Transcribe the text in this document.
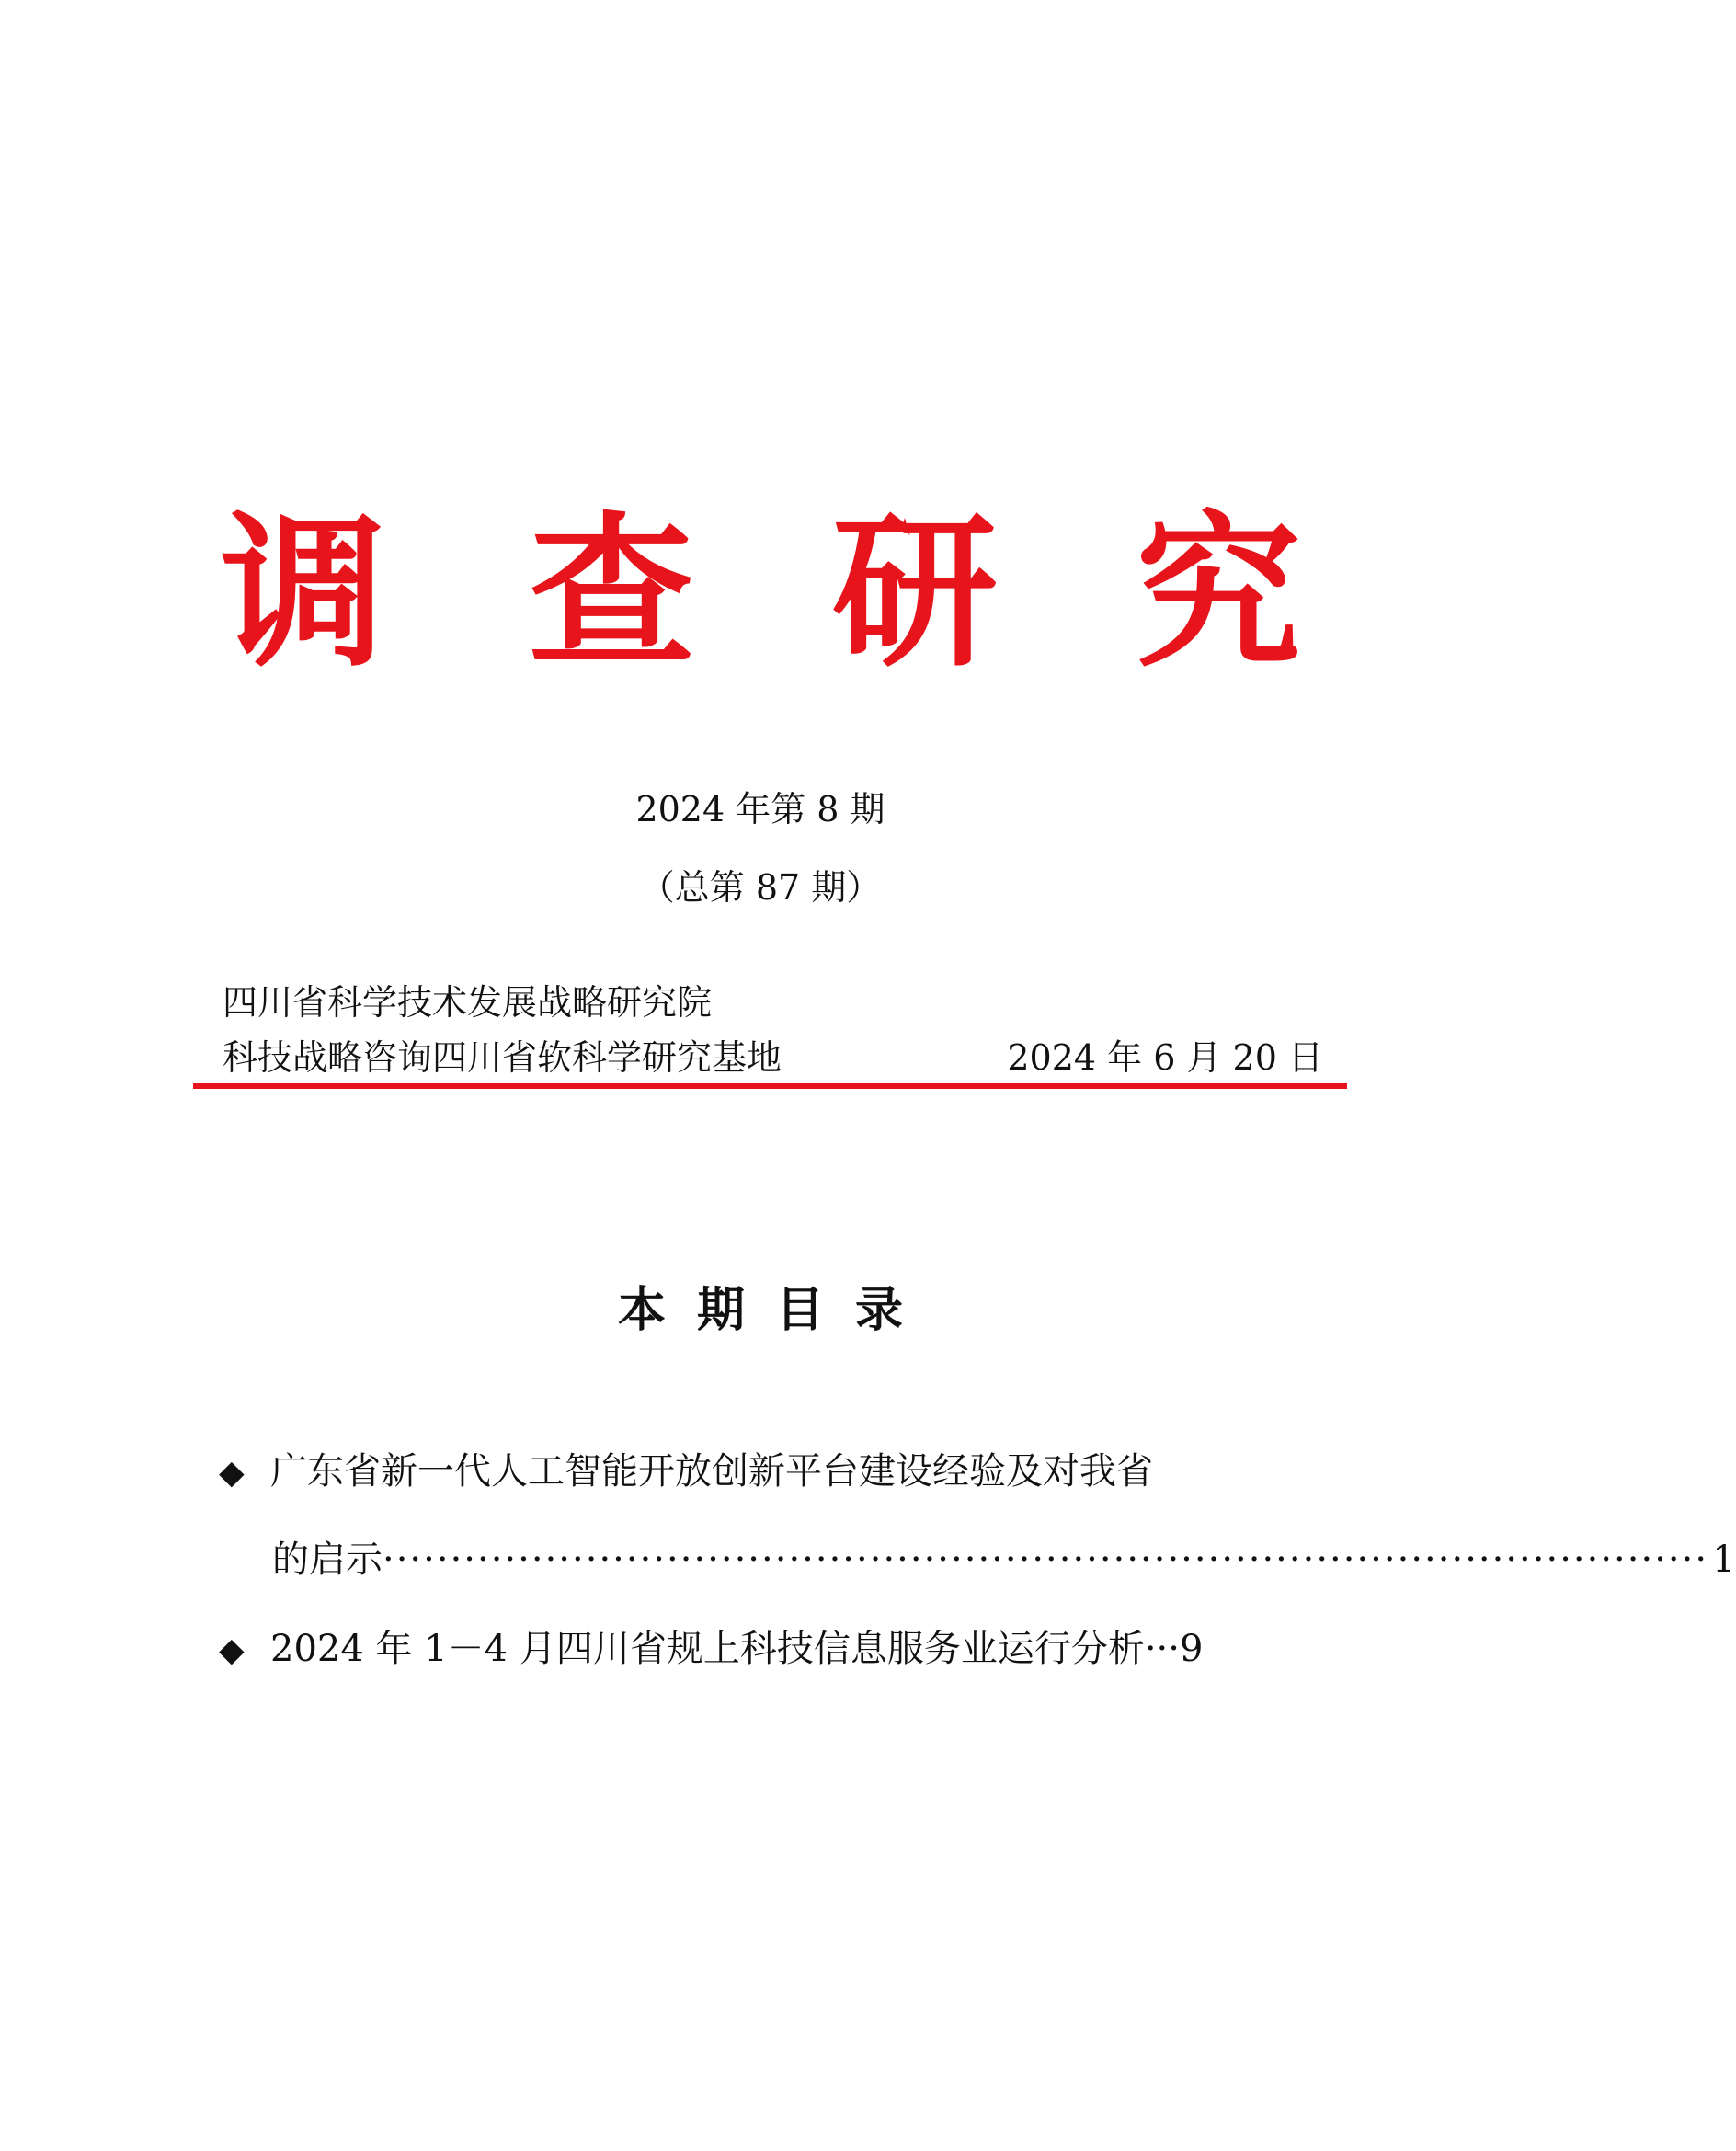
调 查 研 究
2024 年第 8 期
（总第 87 期）
四川省科学技术发展战略研究院
科技战略咨询四川省软科学研究基地	2024 年 6 月 20 日
本期目录
◆ 广东省新一代人工智能开放创新平台建设经验及对我省
的启示 ·································································································· 1
◆ 2024 年 1－4 月四川省规上科技信息服务业运行分析···9
